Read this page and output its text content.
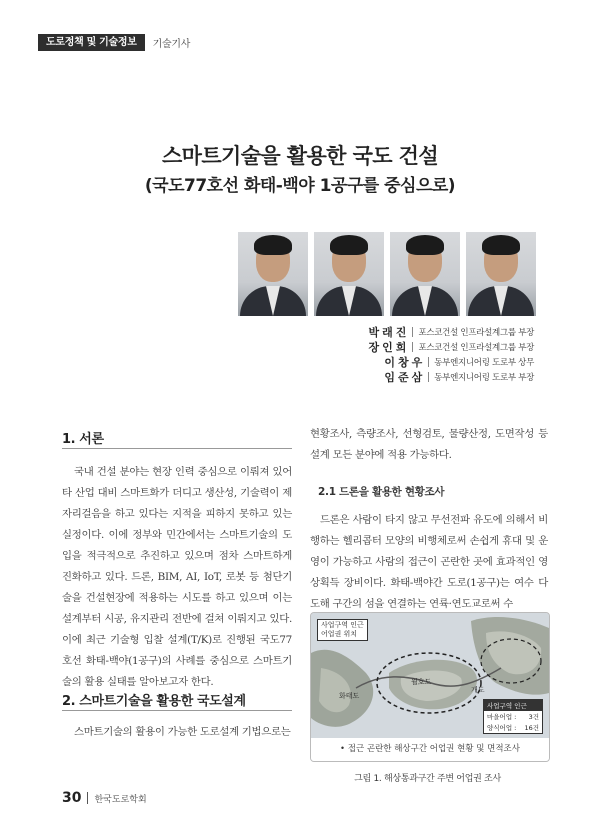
도로정책 및 기술정보	기술기사
스마트기술을 활용한 국도 건설
(국도77호선 화태-백야 1공구를 중심으로)
박래진 포스코건설 인프라설계그룹 부장
장인희 포스코건설 인프라설계그룹 부장
이창우 동부엔지니어링 도로부 상무
임준삼 동부엔지니어링 도로부 부장
1. 서론
국내 건설 분야는 현장 인력 중심으로 이뤄져 있어 타 산업 대비 스마트화가 더디고 생산성, 기술력이 제자리걸음을 하고 있다는 지적을 피하지 못하고 있는 실정이다. 이에 정부와 민간에서는 스마트기술의 도입을 적극적으로 추진하고 있으며 점차 스마트하게 진화하고 있다. 드론, BIM, AI, IoT, 로봇 등 첨단기술을 건설현장에 적용하는 시도를 하고 있으며 이는 설계부터 시공, 유지관리 전반에 걸쳐 이뤄지고 있다. 이에 최근 기술형 입찰 설계(T/K)로 진행된 국도77호선 화태-백야(1공구)의 사례를 중심으로 스마트기술의 활용 실태를 알아보고자 한다.
2. 스마트기술을 활용한 국도설계
스마트기술의 활용이 가능한 도로설계 기법으로는
현황조사, 측량조사, 선형검토, 물량산정, 도면작성 등 설계 모든 분야에 적용 가능하다.
2.1 드론을 활용한 현황조사
드론은 사람이 타지 않고 무선전파 유도에 의해서 비행하는 헬리콥터 모양의 비행체로써 손쉽게 휴대 및 운영이 가능하고 사람의 접근이 곤란한 곳에 효과적인 영상획득 장비이다. 화태-백야간 도로(1공구)는 여수 다도해 구간의 섬을 연결하는 연륙·연도교로써 수
사업구역 인근
어업권 위치
화태도
월호도
개도
사업구역 인근
마을어업 : 3건
양식어업 : 16건
• 접근 곤란한 해상구간 어업권 현황 및 면적조사
그림 1. 해상통과구간 주변 어업권 조사
30 한국도로학회
